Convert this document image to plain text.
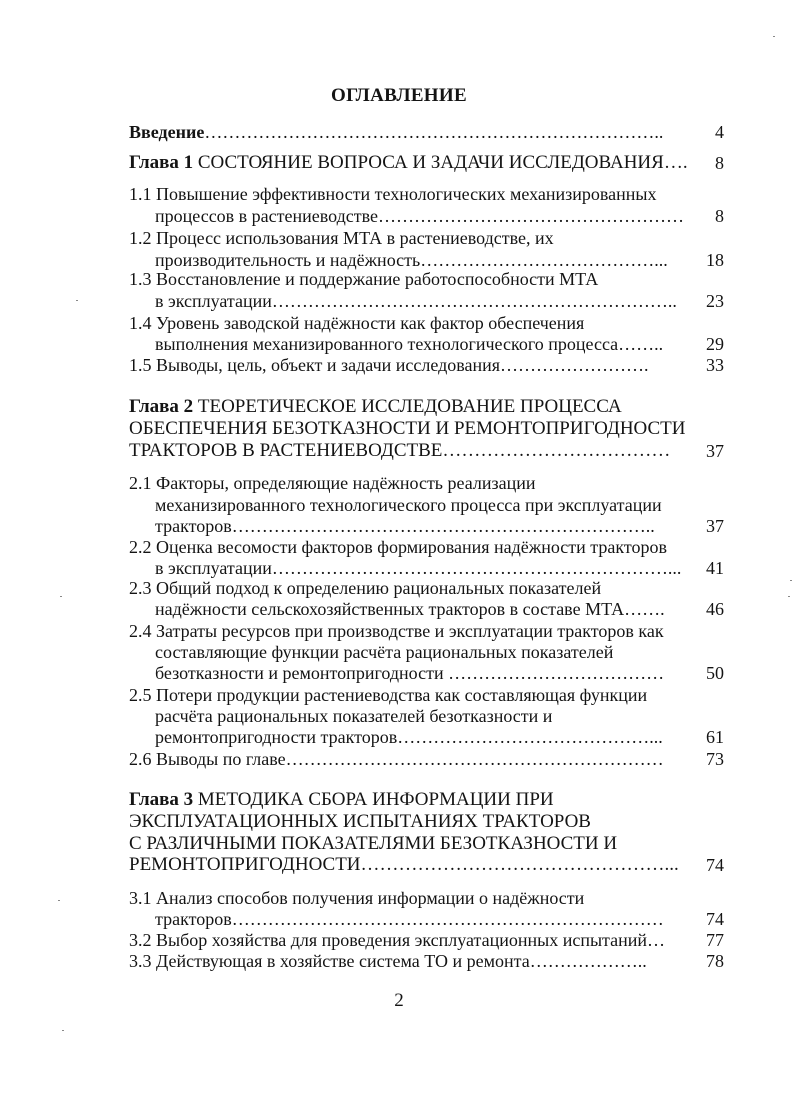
ОГЛАВЛЕНИЕ
Введение…………………………………………………………………..	4
Глава 1 СОСТОЯНИЕ ВОПРОСА И ЗАДАЧИ ИССЛЕДОВАНИЯ….	8
1.1 Повышение эффективности технологических механизированных
процессов в растениеводстве……………………………………………	8
1.2 Процесс использования МТА в растениеводстве, их
производительность и надёжность…………………………………...	18
1.3 Восстановление и поддержание работоспособности МТА
в эксплуатации…………………………………………………………..	23
1.4 Уровень заводской надёжности как фактор обеспечения
выполнения механизированного технологического процесса……..	29
1.5 Выводы, цель, объект и задачи исследования…………………….	33
Глава 2 ТЕОРЕТИЧЕСКОЕ ИССЛЕДОВАНИЕ ПРОЦЕССА
ОБЕСПЕЧЕНИЯ БЕЗОТКАЗНОСТИ И РЕМОНТОПРИГОДНОСТИ
ТРАКТОРОВ В РАСТЕНИЕВОДСТВЕ………………………………	37
2.1 Факторы, определяющие надёжность реализации
механизированного технологического процесса при эксплуатации
тракторов……………………………………………………………..	37
2.2 Оценка весомости факторов формирования надёжности тракторов
в эксплуатации…………………………………………………………...	41
2.3 Общий подход к определению рациональных показателей
надёжности сельскохозяйственных тракторов в составе МТА…….	46
2.4 Затраты ресурсов при производстве и эксплуатации тракторов как
составляющие функции расчёта рациональных показателей
безотказности и ремонтопригодности ………………………………	50
2.5 Потери продукции растениеводства как составляющая функции
расчёта рациональных показателей безотказности и
ремонтопригодности тракторов……………………………………...	61
2.6 Выводы по главе………………………………………………………	73
Глава 3 МЕТОДИКА СБОРА ИНФОРМАЦИИ ПРИ
ЭКСПЛУАТАЦИОННЫХ ИСПЫТАНИЯХ ТРАКТОРОВ
С РАЗЛИЧНЫМИ ПОКАЗАТЕЛЯМИ БЕЗОТКАЗНОСТИ И
РЕМОНТОПРИГОДНОСТИ…………………………………………...	74
3.1 Анализ способов получения информации о надёжности
тракторов………………………………………………………………	74
3.2 Выбор хозяйства для проведения эксплуатационных испытаний…	77
3.3 Действующая в хозяйстве система ТО и ремонта………………..	78
2
